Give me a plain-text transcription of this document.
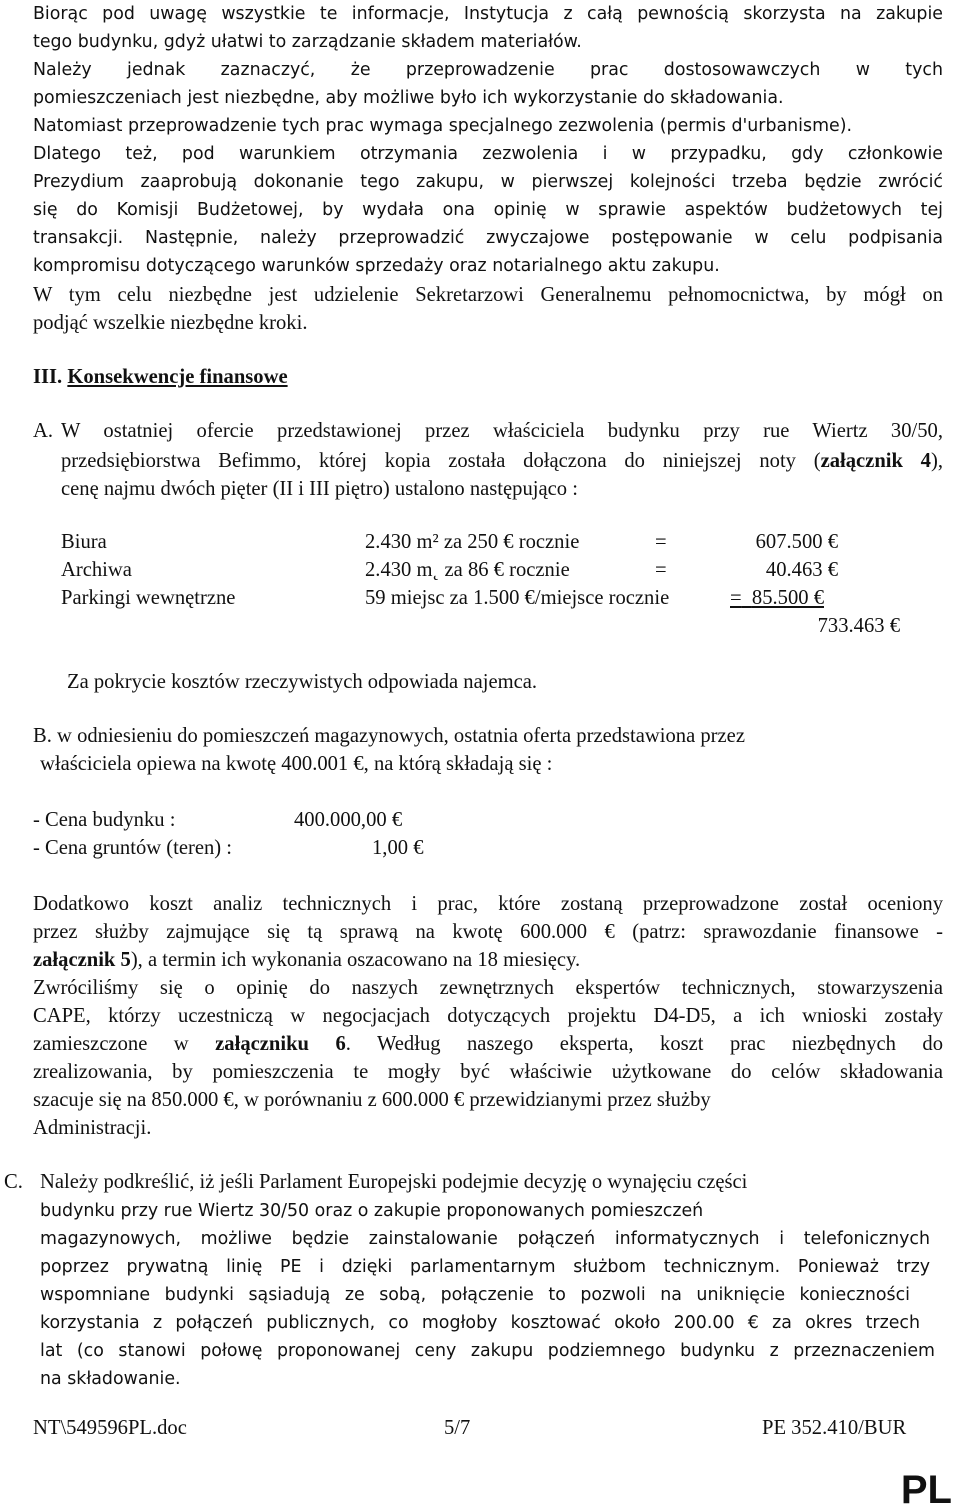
Biorąc pod uwagę wszystkie te informacje, Instytucja z całą pewnością skorzysta na zakupie
tego budynku, gdyż ułatwi to zarządzanie składem materiałów.
Należy jednak zaznaczyć, że przeprowadzenie prac dostosowawczych w tych
pomieszczeniach jest niezbędne, aby możliwe było ich wykorzystanie do składowania.
Natomiast przeprowadzenie tych prac wymaga specjalnego zezwolenia (permis d'urbanisme).
Dlatego też, pod warunkiem otrzymania zezwolenia i w przypadku, gdy członkowie
Prezydium zaaprobują dokonanie tego zakupu, w pierwszej kolejności trzeba będzie zwrócić
się do Komisji Budżetowej, by wydała ona opinię w sprawie aspektów budżetowych tej
transakcji. Następnie, należy przeprowadzić zwyczajowe postępowanie w celu podpisania
kompromisu dotyczącego warunków sprzedaży oraz notarialnego aktu zakupu.
W tym celu niezbędne jest udzielenie Sekretarzowi Generalnemu pełnomocnictwa, by mógł on
podjąć wszelkie niezbędne kroki.
III. Konsekwencje finansowe
A. W ostatniej ofercie przedstawionej przez właściciela budynku przy rue Wiertz 30/50,
przedsiębiorstwa Befimmo, której kopia została dołączona do niniejszej noty (załącznik 4),
cenę najmu dwóch pięter (II i III piętro) ustalono następująco :
Biura	2.430 m² za 250 € rocznie	=	607.500 €
Archiwa	2.430 m˛ za 86 € rocznie	=	40.463 €
Parkingi wewnętrzne	59 miejsc za 1.500 €/miejsce rocznie	= 85.500 €
733.463 €
Za pokrycie kosztów rzeczywistych odpowiada najemca.
B. w odniesieniu do pomieszczeń magazynowych, ostatnia oferta przedstawiona przez
właściciela opiewa na kwotę 400.001 €, na którą składają się :
- Cena budynku :	400.000,00 €
- Cena gruntów (teren) :	1,00 €
Dodatkowo koszt analiz technicznych i prac, które zostaną przeprowadzone został oceniony
przez służby zajmujące się tą sprawą na kwotę 600.000 € (patrz: sprawozdanie finansowe -
załącznik 5), a termin ich wykonania oszacowano na 18 miesięcy.
Zwróciliśmy się o opinię do naszych zewnętrznych ekspertów technicznych, stowarzyszenia
CAPE, którzy uczestniczą w negocjacjach dotyczących projektu D4-D5, a ich wnioski zostały
zamieszczone w załączniku 6. Według naszego eksperta, koszt prac niezbędnych do
zrealizowania, by pomieszczenia te mogły być właściwie użytkowane do celów składowania
szacuje się na 850.000 €, w porównaniu z 600.000 € przewidzianymi przez służby
Administracji.
C. Należy podkreślić, iż jeśli Parlament Europejski podejmie decyzję o wynajęciu części
budynku przy rue Wiertz 30/50 oraz o zakupie proponowanych pomieszczeń
magazynowych, możliwe będzie zainstalowanie połączeń informatycznych i telefonicznych
poprzez prywatną linię PE i dzięki parlamentarnym służbom technicznym. Ponieważ trzy
wspomniane budynki sąsiadują ze sobą, połączenie to pozwoli na uniknięcie konieczności
korzystania z połączeń publicznych, co mogłoby kosztować około 200.00 € za okres trzech
lat (co stanowi połowę proponowanej ceny zakupu podziemnego budynku z przeznaczeniem
na składowanie.
NT\549596PL.doc	5/7	PE 352.410/BUR
PL
